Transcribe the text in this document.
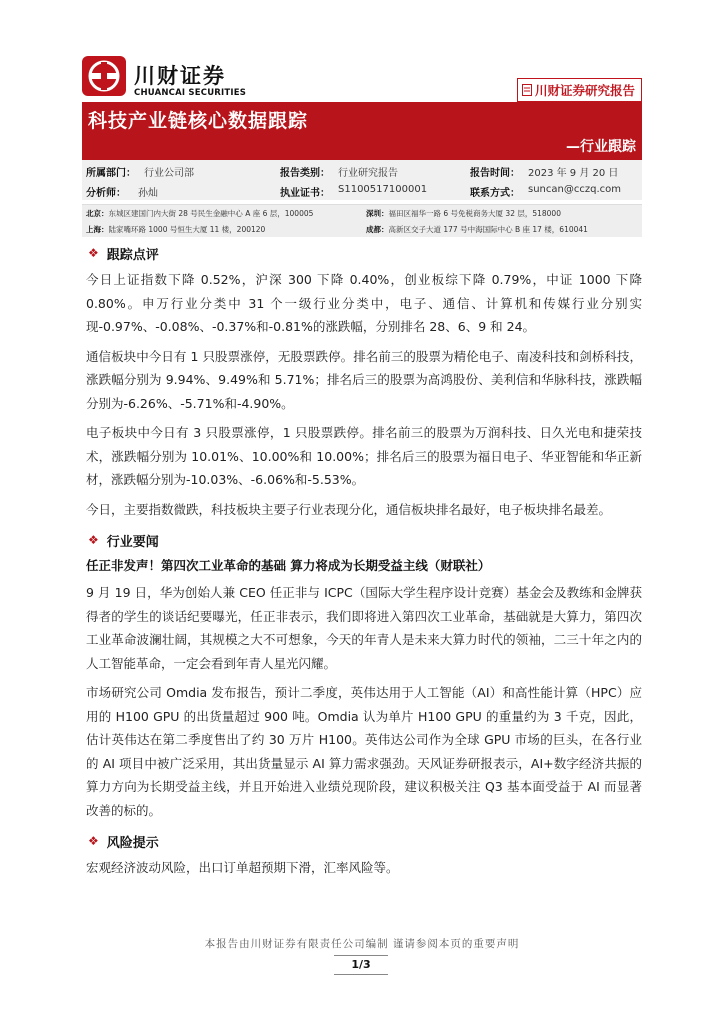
川财证券
CHUANCAI SECURITIES	川财证券研究报告
科技产业链核心数据跟踪
—行业跟踪
所属部门： 行业公司部	报告类别： 行业研究报告	报告时间： 2023 年 9 月 20 日
分析师： 孙灿	执业证书： S1100517100001	联系方式： suncan@cczq.com
北京：东城区建国门内大街 28 号民生金融中心 A 座 6 层，100005	深圳：福田区福华一路 6 号免税商务大厦 32 层，518000
上海：陆家嘴环路 1000 号恒生大厦 11 楼，200120	成都：高新区交子大道 177 号中海国际中心 B 座 17 楼，610041
❖ 跟踪点评

今日上证指数下降 0.52%，沪深 300 下降 0.40%，创业板综下降 0.79%，中证 1000 下降 0.80%。申万行业分类中 31 个一级行业分类中，电子、通信、计算机和传媒行业分别实现-0.97%、-0.08%、-0.37%和-0.81%的涨跌幅，分别排名 28、6、9 和 24。

通信板块中今日有 1 只股票涨停，无股票跌停。排名前三的股票为精伦电子、南凌科技和剑桥科技，涨跌幅分别为 9.94%、9.49%和 5.71%；排名后三的股票为高鸿股份、美利信和华脉科技，涨跌幅分别为-6.26%、-5.71%和-4.90%。

电子板块中今日有 3 只股票涨停，1 只股票跌停。排名前三的股票为万润科技、日久光电和捷荣技术，涨跌幅分别为 10.01%、10.00%和 10.00%；排名后三的股票为福日电子、华亚智能和华正新材，涨跌幅分别为-10.03%、-6.06%和-5.53%。

今日，主要指数微跌，科技板块主要子行业表现分化，通信板块排名最好，电子板块排名最差。

❖ 行业要闻
任正非发声！第四次工业革命的基础 算力将成为长期受益主线（财联社）

9 月 19 日，华为创始人兼 CEO 任正非与 ICPC（国际大学生程序设计竞赛）基金会及教练和金牌获得者的学生的谈话纪要曝光，任正非表示，我们即将进入第四次工业革命，基础就是大算力，第四次工业革命波澜壮阔，其规模之大不可想象，今天的年青人是未来大算力时代的领袖，二三十年之内的人工智能革命，一定会看到年青人星光闪耀。

市场研究公司 Omdia 发布报告，预计二季度，英伟达用于人工智能（AI）和高性能计算（HPC）应用的 H100 GPU 的出货量超过 900 吨。Omdia 认为单片 H100 GPU 的重量约为 3 千克，因此，估计英伟达在第二季度售出了约 30 万片 H100。英伟达公司作为全球 GPU 市场的巨头，在各行业的 AI 项目中被广泛采用，其出货量显示 AI 算力需求强劲。天风证券研报表示，AI+数字经济共振的算力方向为长期受益主线，并且开始进入业绩兑现阶段，建议积极关注 Q3 基本面受益于 AI 而显著改善的标的。

❖ 风险提示

宏观经济波动风险，出口订单超预期下滑，汇率风险等。

本报告由川财证券有限责任公司编制 谨请参阅本页的重要声明
1/3
